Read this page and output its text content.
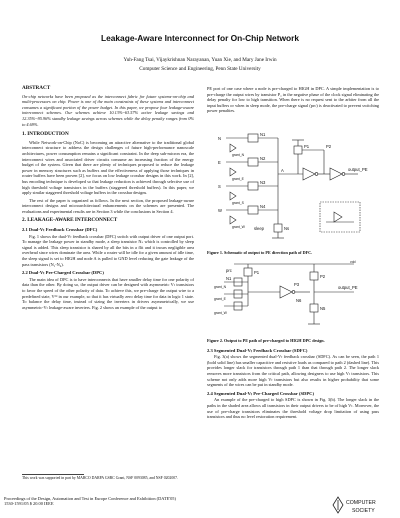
Leakage-Aware Interconnect for On-Chip Network
Yuh-Fang Tsai, Vijaykrishnan Narayanan, Yuan Xie, and Mary Jane Irwin
Computer Science and Engineering, Penn State University
ABSTRACT

On-chip networks have been proposed as the interconnect fabric for future systems-on-chip and multi-processors on chip. Power is one of the main constraints of these systems and interconnect consumes a significant portion of the power budget. In this paper, we propose four leakage-aware interconnect schemes. Our schemes achieve 10.13%~63.57% active leakage savings and 12.35%~95.96% standby leakage savings across schemes while the delay penalty ranges from 0% to 4.69%.

1. INTRODUCTION

While Network-on-Chip (NoC) is becoming an attractive alternative to the traditional global interconnect structure to address the design challenges of future high-performance nanoscale architectures, power consumption remains a significant constraint. In the deep sub-micron era, the interconnect wires and associated driver circuits consume an increasing fraction of the energy budget of the system. Given that there are plenty of techniques proposed to reduce the leakage power in memory structures such as buffers and the effectiveness of applying those techniques in router buffers have been proven [2], we focus on low leakage crossbar designs in this work. In [2], bus encoding technique is developed so that leakage reduction is achieved through selective use of high threshold voltage transistors in the buffers (staggered threshold buffers). In this paper, we apply similar staggered threshold voltage buffers in the crossbar designs.

The rest of the paper is organized as follows. In the next section, the proposed leakage-aware interconnect designs and microarchitectural enhancements on the schemes are presented. The evaluations and experimental results are in Section 3 while the conclusions in Section 4.

2. LEAKAGE-AWARE INTERCONNECT
2.1 Dual-Vₜ Feedback Crossbar (DFC)

Fig. 1 shows the dual-Vₜ feedback crossbar (DFC) switch with output driver of one output port. To manage the leakage power in standby mode, a sleep transistor Nₛ which is controlled by sleep signal is added. This sleep transistor is shared by all the bits in a flit and it incurs negligible area overhead since wires dominate the area. While a router will be idle for a given amount of idle time, the sleep signal is set to HIGH and node A is pulled to GND level reducing the gate leakage of the pass transistors (N₁-N₄).

2.2 Dual-Vₜ Pre-Charged Crossbar (DPC)

The main idea of DPC is to have interconnects that have smaller delay time for one polarity of data than the other. By doing so, the output driver can be designed with asymmetric Vₜ transistors to favor the speed of the other polarity of data. To achieve this, we pre-charge the output wire to a predefined state, Vᵈᵈ in our example, so that it has virtually zero delay time for data in logic 1 state. To balance the delay time, instead of sizing the inverters in drivers asymmetrically, we use asymmetric-Vₜ leakage-aware inverters. Fig. 2 shows an example of the output to

PE port of one case where a node is pre-charged to HIGH in DPC. A simple implementation is to pre-charge the output wires by transistor P₁ in the negative phase of the clock signal eliminating the delay penalty for low to high transition. When there is no request sent to the arbiter from all the input buffers or when in sleep mode, the pre-charge signal (prc) is deactivated to prevent switching power penalties.

N
E
S
W
N1
N2
N3
N4
Ns
A
sleep
P1	P2
output_PE
grant_N
grant_E
grant_S
grant_W

Figure 1. Schematic of output to PE direction path of DFC.

prc	P1
P2
P3
N1
N5
N6
grant_N
grant_E
grant_W
output_PE
vdd

Figure 2. Output to PE path of pre-charged to HIGH DPC design.

2.3 Segmented Dual-Vₜ Feedback Crossbar (SDFC)

Fig. 3(a) shows the segmented dual-Vₜ feedback crossbar (SDFC). As can be seen, the path 1 (bold solid line) has smaller capacitive and resistive loads as compared to path 2 (dashed line). This provides longer slack for transistors through path 1 than that through path 2. The longer slack removes more transistors from the critical path, allowing designers to use high Vₜ transistors. This scheme not only adds more high Vₜ transistors but also results in higher probability that some segments of the wires can be put in standby mode.

2.4 Segmented Dual-Vₜ Pre-Charged Crossbar (SDPC)

An example of the pre-charged to high SDPC is shown in Fig. 3(b). The longer slack in the paths in the shaded area allows all transistors in their output drivers to be of high Vₜ. Moreover, the use of pre-charge transistors eliminates the threshold voltage drop limitation of using pass transistors and thus no level restoration requirement.

This work was supported in part by MARCO DARPA GSRC Grant, NSF 0093085, and NSF 0202007.
Proceedings of the Design, Automation and Test in Europe Conference and Exhibition (DATE'05)
1530-1591/05 $ 20.00 IEEE	COMPUTER
SOCIETY
